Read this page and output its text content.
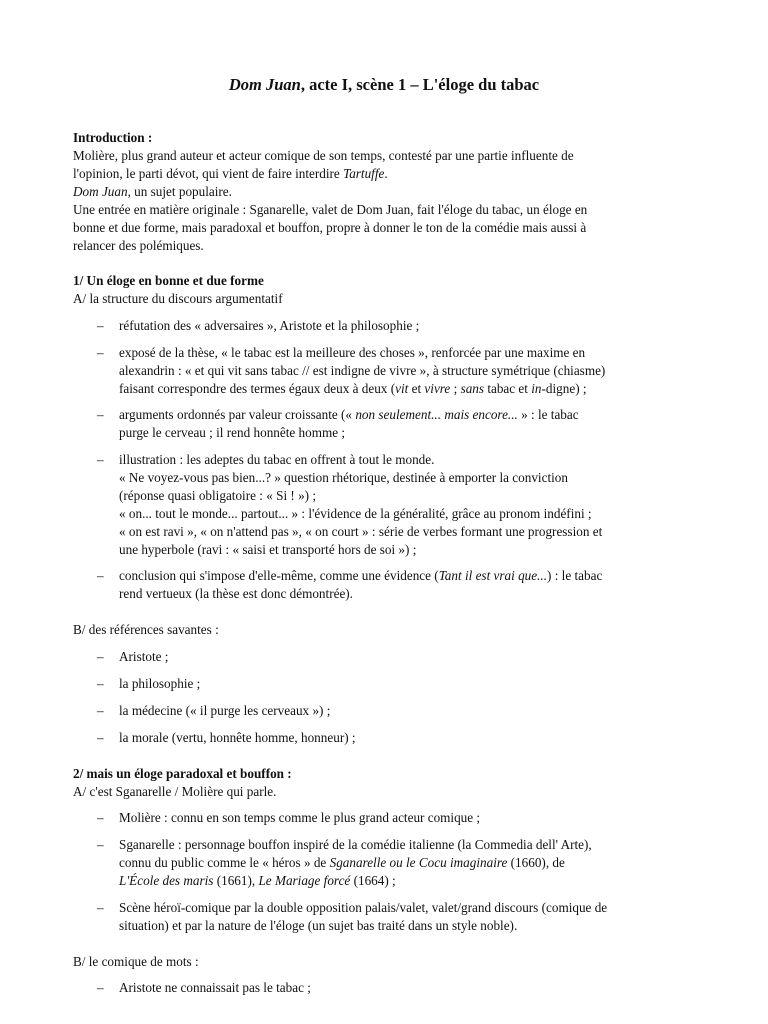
Dom Juan, acte I, scène 1 – L'éloge du tabac

Introduction :

Molière, plus grand auteur et acteur comique de son temps, contesté par une partie influente de

l'opinion, le parti dévot, qui vient de faire interdire Tartuffe.

Dom Juan, un sujet populaire.

Une entrée en matière originale : Sganarelle, valet de Dom Juan, fait l'éloge du tabac, un éloge en

bonne et due forme, mais paradoxal et bouffon, propre à donner le ton de la comédie mais aussi à

relancer des polémiques.

1/ Un éloge en bonne et due forme

A/ la structure du discours argumentatif

– réfutation des « adversaires », Aristote et la philosophie ;
– exposé de la thèse, « le tabac est la meilleure des choses », renforcée par une maxime en
alexandrin : « et qui vit sans tabac // est indigne de vivre », à structure symétrique (chiasme)
faisant correspondre des termes égaux deux à deux (vit et vivre ; sans tabac et in-digne) ;
– arguments ordonnés par valeur croissante (« non seulement... mais encore... » : le tabac
purge le cerveau ; il rend honnête homme ;
– illustration : les adeptes du tabac en offrent à tout le monde.
« Ne voyez-vous pas bien...? » question rhétorique, destinée à emporter la conviction
(réponse quasi obligatoire : « Si ! ») ;
« on... tout le monde... partout... » : l'évidence de la généralité, grâce au pronom indéfini ;
« on est ravi », « on n'attend pas », « on court » : série de verbes formant une progression et
une hyperbole (ravi : « saisi et transporté hors de soi ») ;
– conclusion qui s'impose d'elle-même, comme une évidence (Tant il est vrai que...) : le tabac
rend vertueux (la thèse est donc démontrée).

B/ des références savantes :

– Aristote ;
– la philosophie ;
– la médecine (« il purge les cerveaux ») ;
– la morale (vertu, honnête homme, honneur) ;

2/ mais un éloge paradoxal et bouffon :

A/ c'est Sganarelle / Molière qui parle.

– Molière : connu en son temps comme le plus grand acteur comique ;
– Sganarelle : personnage bouffon inspiré de la comédie italienne (la Commedia dell' Arte),
connu du public comme le « héros » de Sganarelle ou le Cocu imaginaire (1660), de
L'École des maris (1661), Le Mariage forcé (1664) ;
– Scène héroï-comique par la double opposition palais/valet, valet/grand discours (comique de
situation) et par la nature de l'éloge (un sujet bas traité dans un style noble).

B/ le comique de mots :

– Aristote ne connaissait pas le tabac ;
